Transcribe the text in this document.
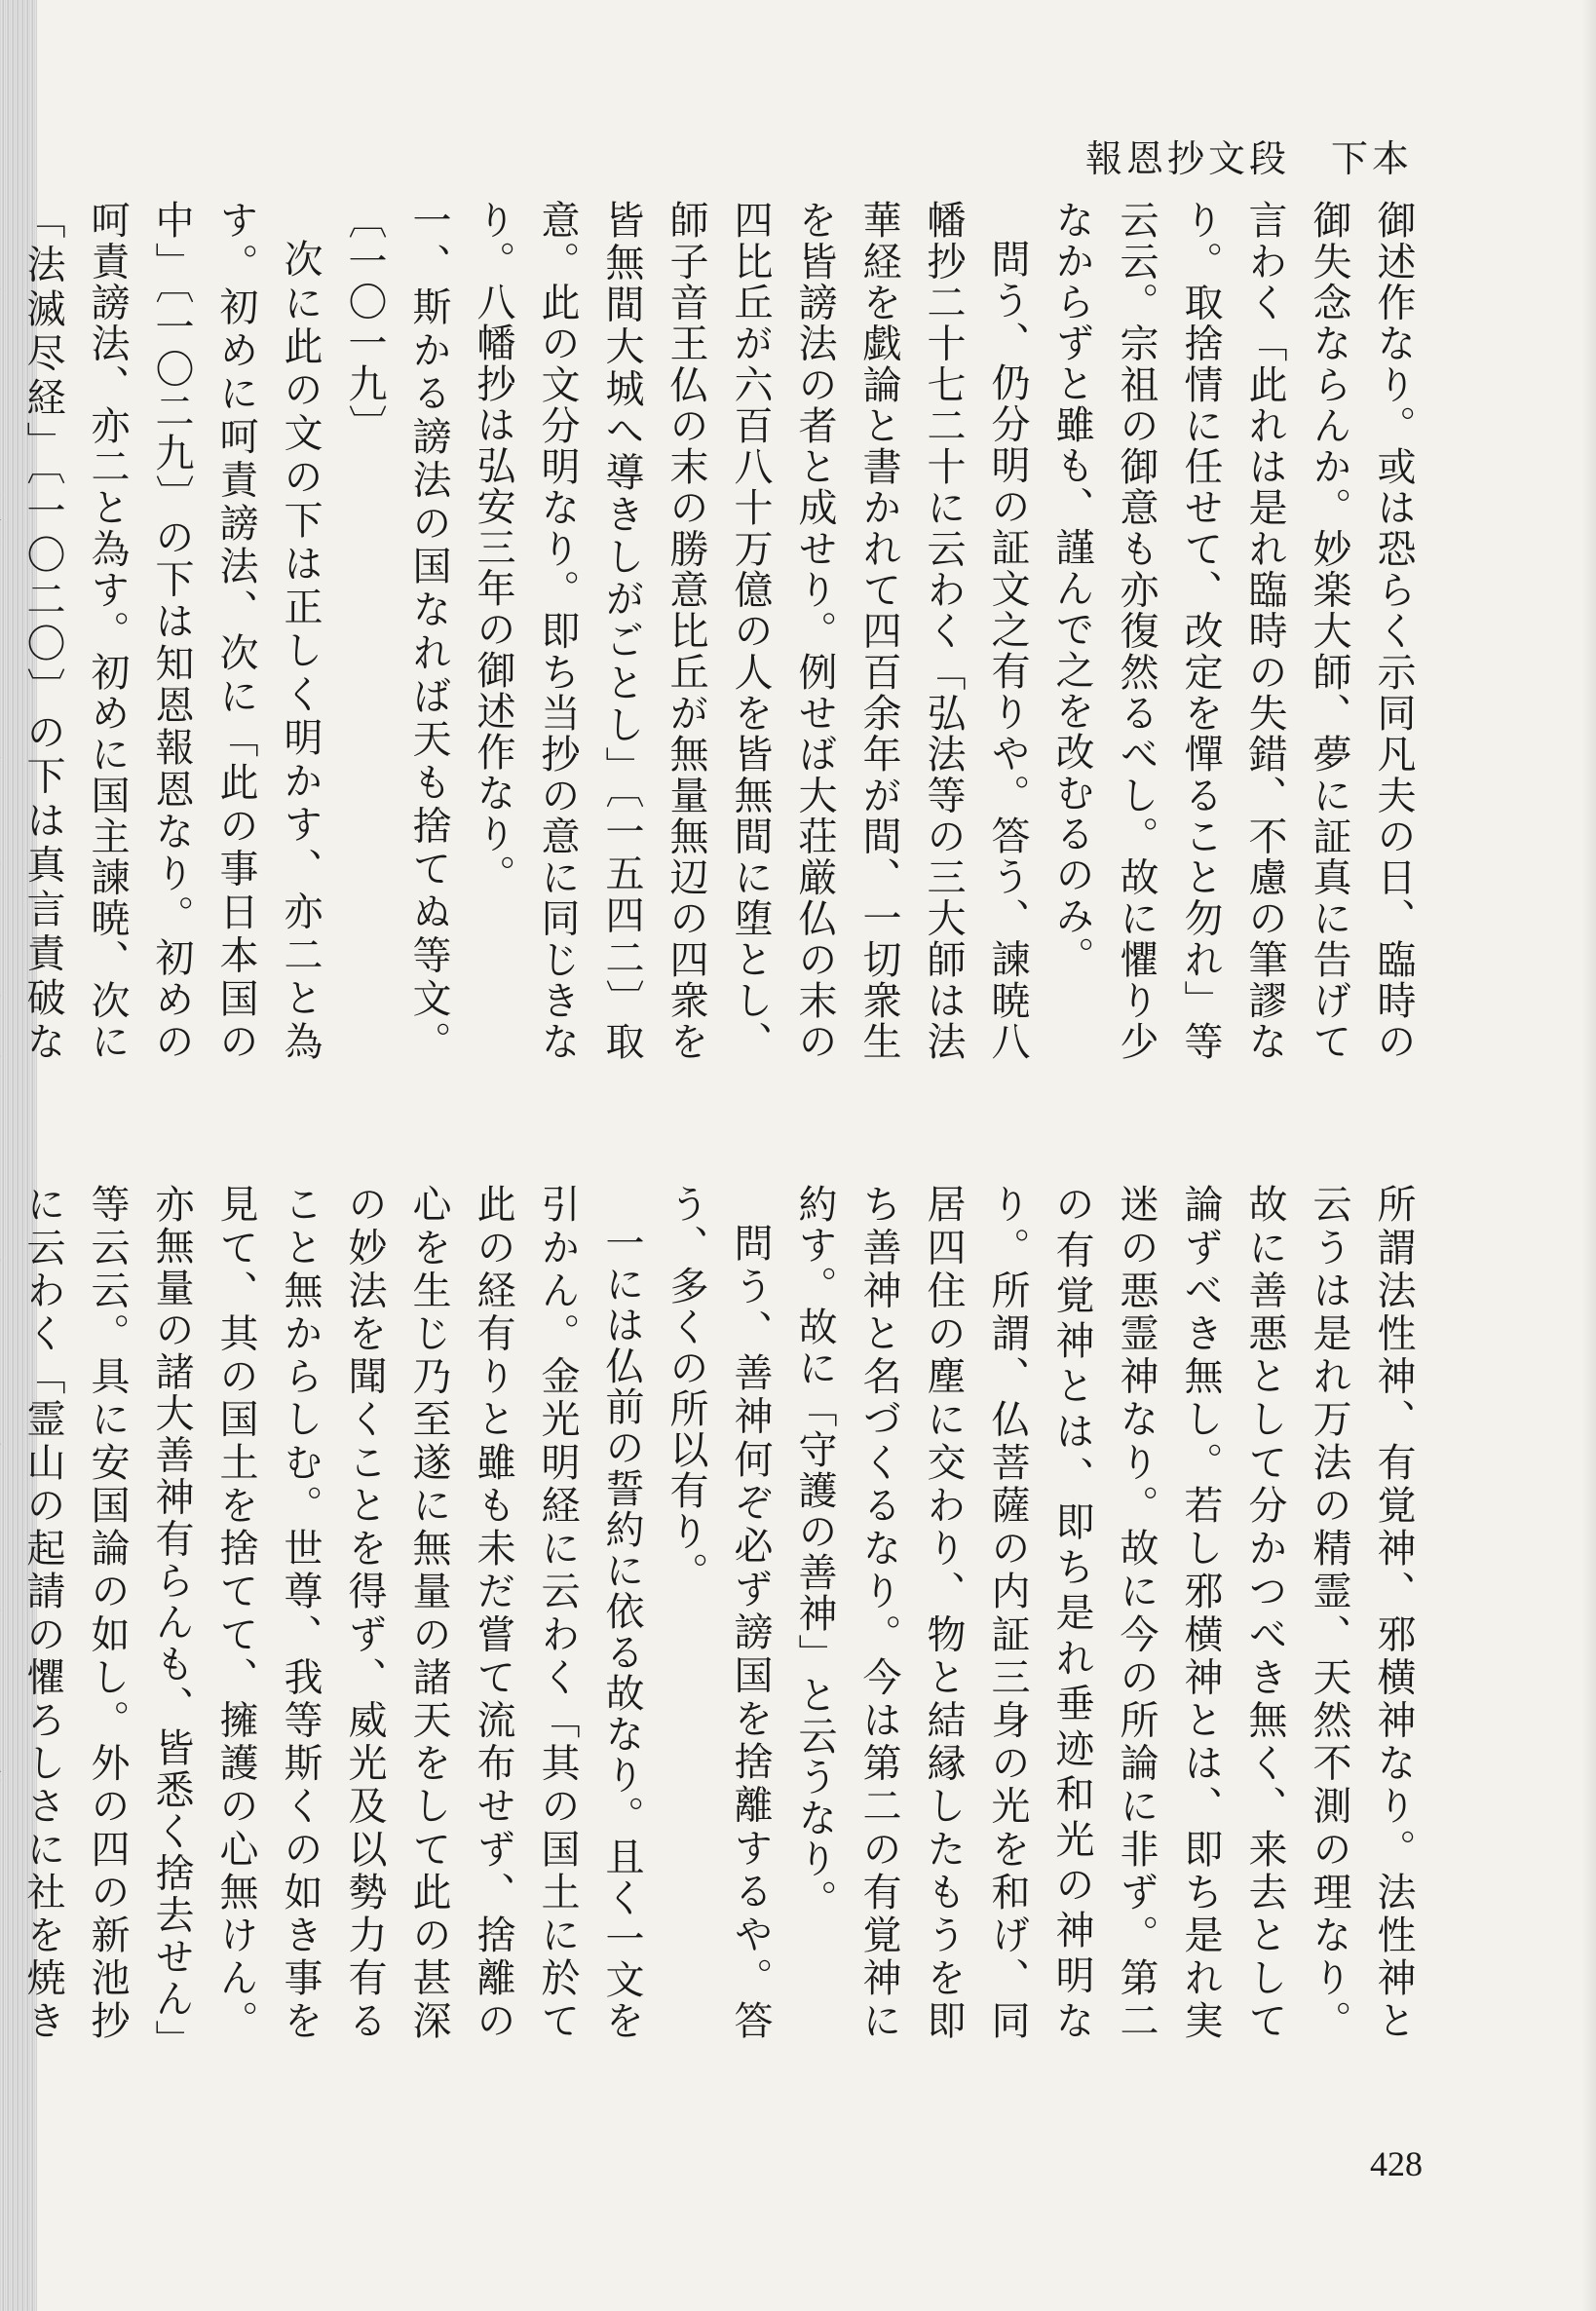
報恩抄文段　下本

御述作なり。或は恐らく示同凡夫の日、臨時の御失念ならんか。妙楽大師、夢に証真に告げて言わく「此れは是れ臨時の失錯、不慮の筆謬なり。取捨情に任せて、改定を憚ること勿れ」等云云。宗祖の御意も亦復然るべし。故に懼り少なからずと雖も、謹んで之を改むるのみ。

問う、仍分明の証文之有りや。答う、諫暁八幡抄二十七二十に云わく「弘法等の三大師は法華経を戯論と書かれて四百余年が間、一切衆生を皆謗法の者と成せり。例せば大荘厳仏の末の四比丘が六百八十万億の人を皆無間に堕とし、師子音王仏の末の勝意比丘が無量無辺の四衆を皆無間大城へ導きしがごとし」〔一五四二〕取意。此の文分明なり。即ち当抄の意に同じきなり。八幡抄は弘安三年の御述作なり。

一、斯かる謗法の国なれば天も捨てぬ等文。〔一〇一九〕

次に此の文の下は正しく明かす、亦二と為す。初めに呵責謗法、次に「此の事日本国の中」〔一〇二九〕の下は知恩報恩なり。初めの呵責謗法、亦二と為す。初めに国主諫暁、次に「法滅尽経」〔一〇二〇〕の下は真言責破な

所謂法性神、有覚神、邪横神なり。法性神と云うは是れ万法の精霊、天然不測の理なり。故に善悪として分かつべき無く、来去として論ずべき無し。若し邪横神とは、即ち是れ実迷の悪霊神なり。故に今の所論に非ず。第二の有覚神とは、即ち是れ垂迹和光の神明なり。所謂、仏菩薩の内証三身の光を和げ、同居四住の塵に交わり、物と結縁したもうを即ち善神と名づくるなり。今は第二の有覚神に約す。故に「守護の善神」と云うなり。

問う、善神何ぞ必ず謗国を捨離するや。答う、多くの所以有り。

一には仏前の誓約に依る故なり。且く一文を引かん。金光明経に云わく「其の国土に於て此の経有りと雖も未だ嘗て流布せず、捨離の心を生じ乃至遂に無量の諸天をして此の甚深の妙法を聞くことを得ず、威光及以勢力有ること無からしむ。世尊、我等斯くの如き事を見て、其の国土を捨てて、擁護の心無けん。亦無量の諸大善神有らんも、皆悉く捨去せん」等云云。具に安国論の如し。外の四の新池抄に云わく「霊山の起請の懼ろしさに社を焼き

428
